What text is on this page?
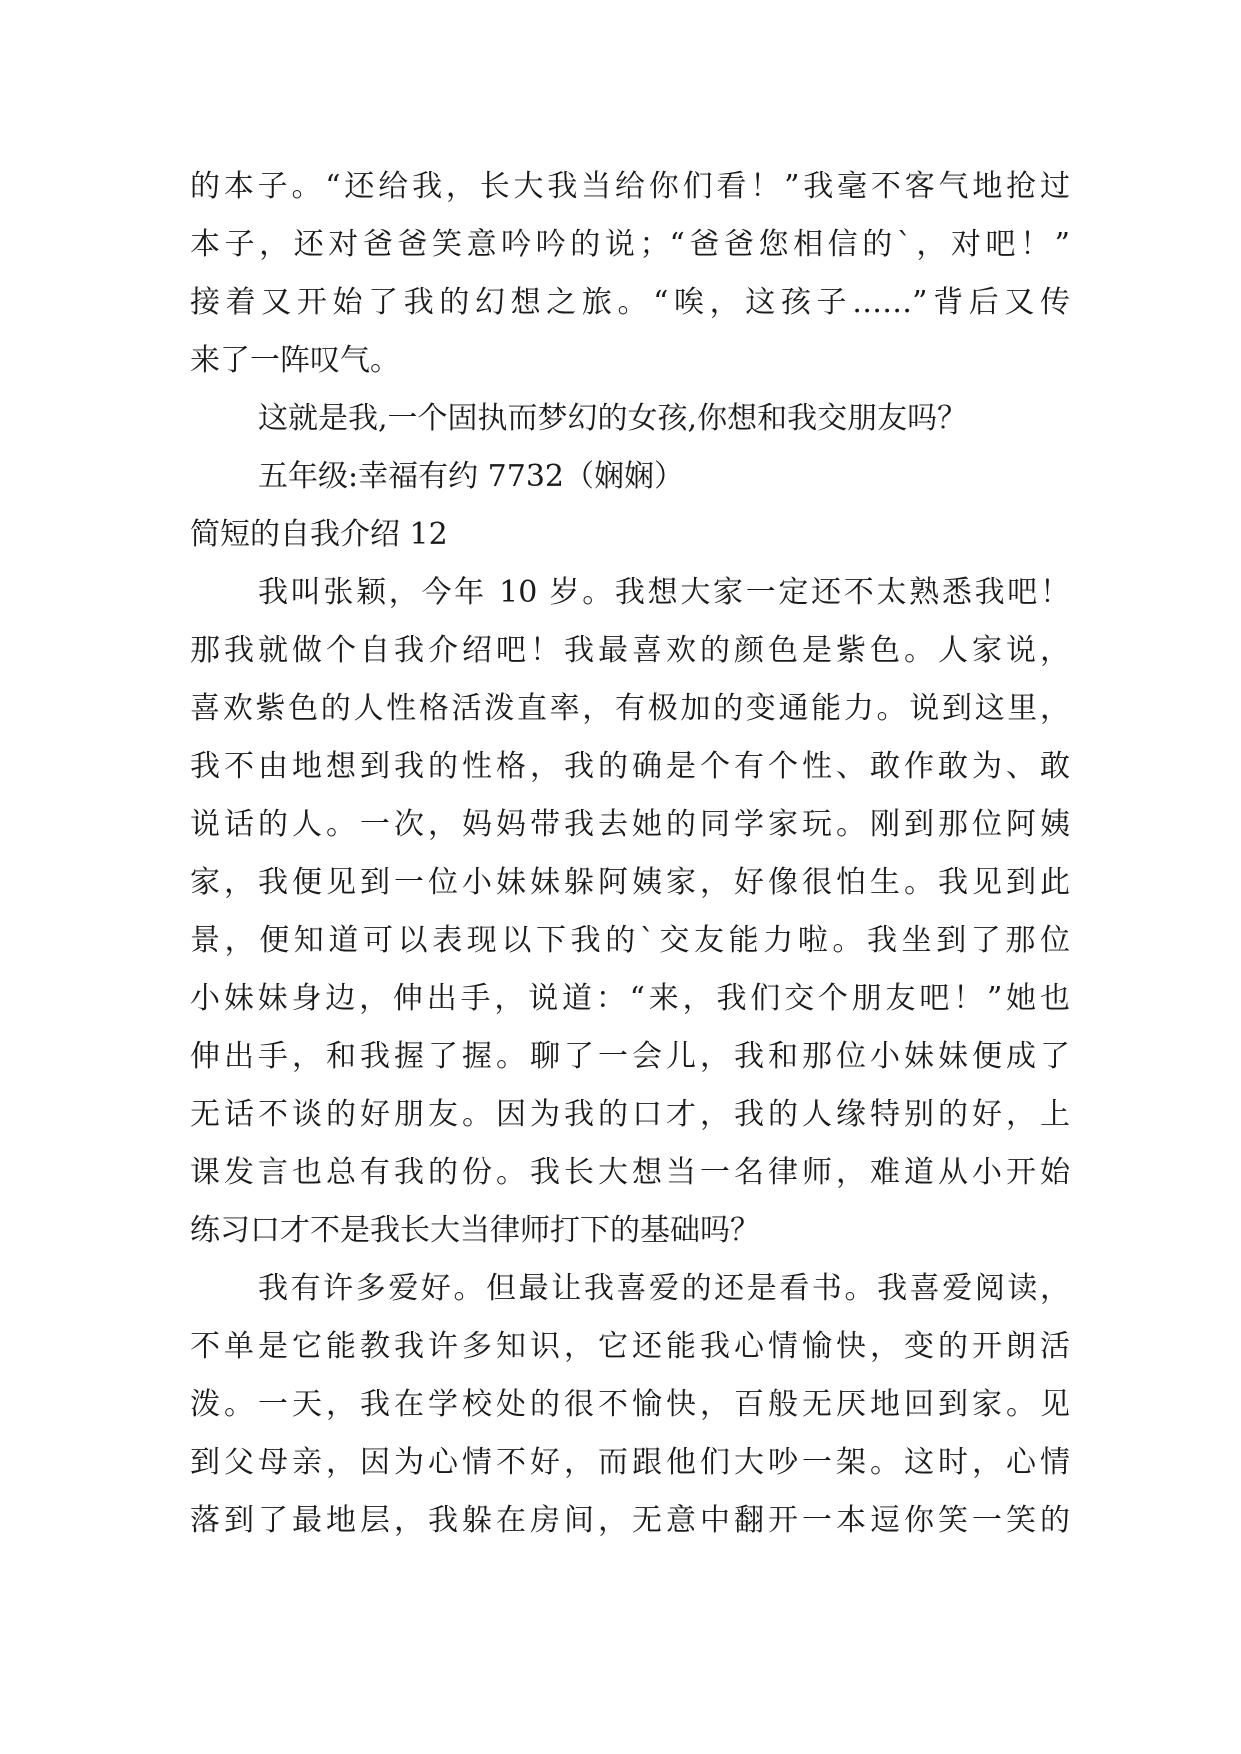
的本子。“还给我，长大我当给你们看！”我毫不客气地抢过
本子，还对爸爸笑意吟吟的说；“爸爸您相信的`，对吧！”
接着又开始了我的幻想之旅。“唉，这孩子……”背后又传
来了一阵叹气。
这就是我,一个固执而梦幻的女孩,你想和我交朋友吗？
五年级:幸福有约 7732（娴娴）
简短的自我介绍 12
我叫张颖，今年 10 岁。我想大家一定还不太熟悉我吧！
那我就做个自我介绍吧！我最喜欢的颜色是紫色。人家说，
喜欢紫色的人性格活泼直率，有极加的变通能力。说到这里，
我不由地想到我的性格，我的确是个有个性、敢作敢为、敢
说话的人。一次，妈妈带我去她的同学家玩。刚到那位阿姨
家，我便见到一位小妹妹躲阿姨家，好像很怕生。我见到此
景，便知道可以表现以下我的`交友能力啦。我坐到了那位
小妹妹身边，伸出手，说道：“来，我们交个朋友吧！”她也
伸出手，和我握了握。聊了一会儿，我和那位小妹妹便成了
无话不谈的好朋友。因为我的口才，我的人缘特别的好，上
课发言也总有我的份。我长大想当一名律师，难道从小开始
练习口才不是我长大当律师打下的基础吗？
我有许多爱好。但最让我喜爱的还是看书。我喜爱阅读，
不单是它能教我许多知识，它还能我心情愉快，变的开朗活
泼。一天，我在学校处的很不愉快，百般无厌地回到家。见
到父母亲，因为心情不好，而跟他们大吵一架。这时，心情
落到了最地层，我躲在房间，无意中翻开一本逗你笑一笑的
